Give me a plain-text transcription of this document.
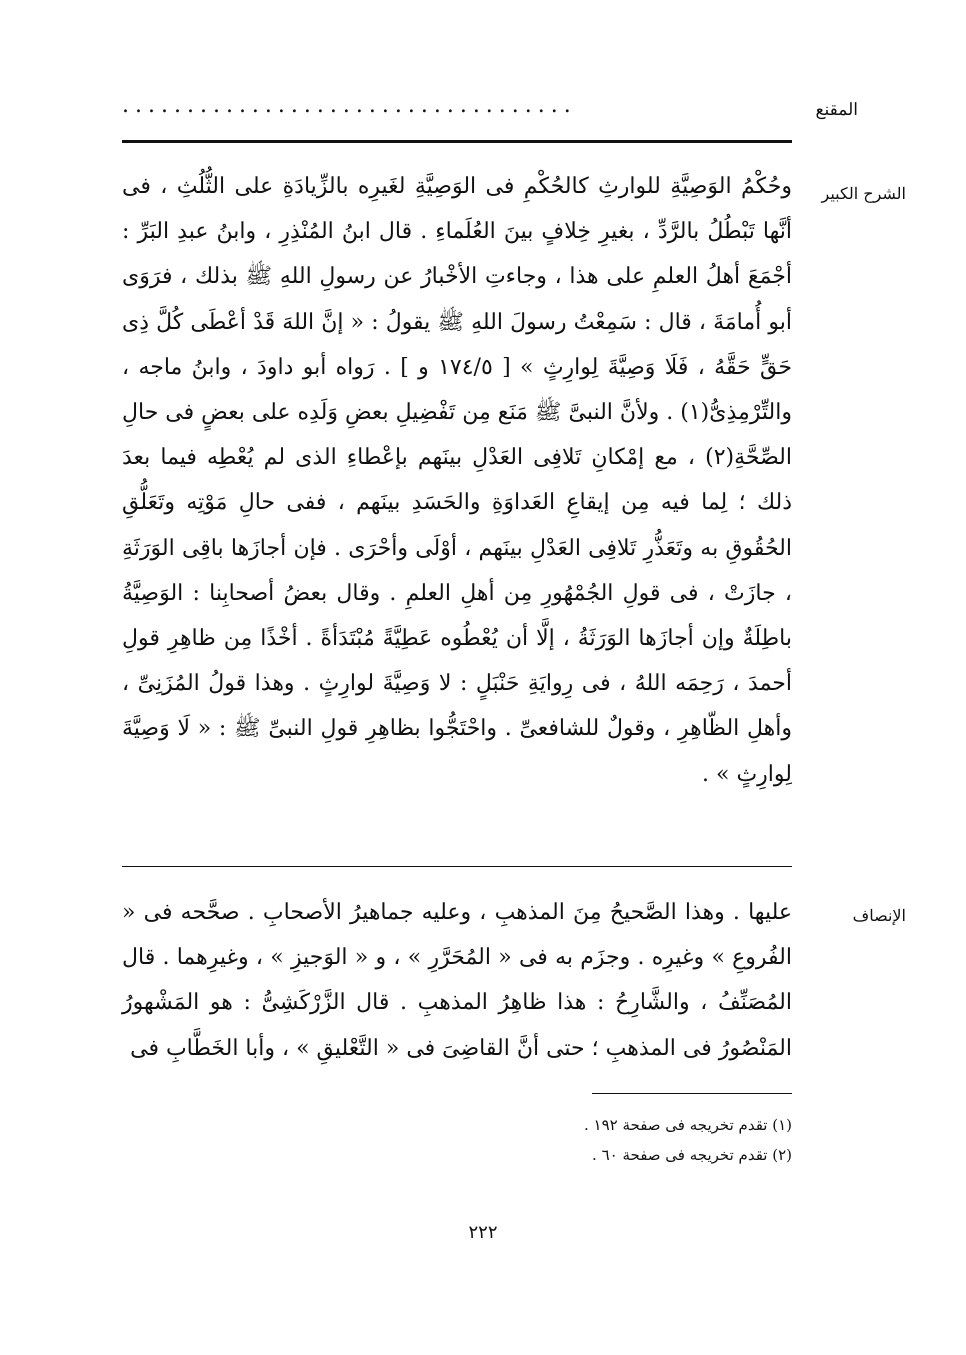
المقنع
...................................
الشرح الكبير

وحُكْمُ الوَصِيَّةِ للوارثِ كالحُكْمِ فى الوَصِيَّةِ لغَيرِه بالزِّيادَةِ على الثُّلُثِ ، فى أنَّها تَبْطُلُ بالرَّدِّ ، بغيرِ خِلافٍ بينَ العُلَماءِ . قال ابنُ المُنْذِرِ ، وابنُ عبدِ البَرِّ : أجْمَعَ أهلُ العلمِ على هذا ، وجاءتِ الأخْبارُ عن رسولِ اللهِ ﷺ بذلك ، فرَوَى أبو أُمامَةَ ، قال : سَمِعْتُ رسولَ اللهِ ﷺ يقولُ : « إنَّ اللهَ قَدْ أعْطَى كُلَّ ذِى حَقٍّ حَقَّهُ ، فَلَا وَصِيَّةَ لِوارِثٍ » [ ١٧٤/٥ و ] . رَواه أبو داودَ ، وابنُ ماجه ، والتِّرْمِذِىُّ(١) . ولأنَّ النبىَّ ﷺ مَنَع مِن تَفْضِيلِ بعضِ وَلَدِه على بعضٍ فى حالِ الصِّحَّةِ(٢) ، مع إمْكانِ تَلافِى العَدْلِ بينَهم بإعْطاءِ الذى لم يُعْطِه فيما بعدَ ذلك ؛ لِما فيه مِن إيقاعِ العَداوَةِ والحَسَدِ بينَهم ، ففى حالِ مَوْتِه وتَعَلُّقِ الحُقُوقِ به وتَعَذُّرِ تَلافِى العَدْلِ بينَهم ، أوْلَى وأحْرَى . فإن أجازَها باقِى الوَرَثَةِ ، جازَتْ ، فى قولِ الجُمْهُورِ مِن أهلِ العلمِ . وقال بعضُ أصحابِنا : الوَصِيَّةُ باطِلَةٌ وإن أجازَها الوَرَثَةُ ، إلَّا أن يُعْطُوه عَطِيَّةً مُبْتَدَأةً . أخْذًا مِن ظاهِرِ قولِ أحمدَ ، رَحِمَه اللهُ ، فى رِوايَةِ حَنْبَلٍ : لا وَصِيَّةَ لوارِثٍ . وهذا قولُ المُزَنِىِّ ، وأهلِ الظّاهِرِ ، وقولٌ للشافعىِّ . واحْتَجُّوا بظاهِرِ قولِ النبىِّ ﷺ : « لَا وَصِيَّةَ لِوارِثٍ » .

الإنصاف

عليها . وهذا الصَّحيحُ مِنَ المذهبِ ، وعليه جماهيرُ الأصحابِ . صحَّحه فى « الفُروعِ » وغيرِه . وجزَم به فى « المُحَرَّرِ » ، و « الوَجيزِ » ، وغيرِهما . قال المُصَنِّفُ ، والشَّارِحُ : هذا ظاهِرُ المذهبِ . قال الزَّرْكَشِىُّ : هو المَشْهورُ المَنْصُورُ فى المذهبِ ؛ حتى أنَّ القاضِىَ فى « التَّعْليقِ » ، وأبا الخَطَّابِ فى

(١) تقدم تخريجه فى صفحة ١٩٢ .
(٢) تقدم تخريجه فى صفحة ٦٠ .
٢٢٢
